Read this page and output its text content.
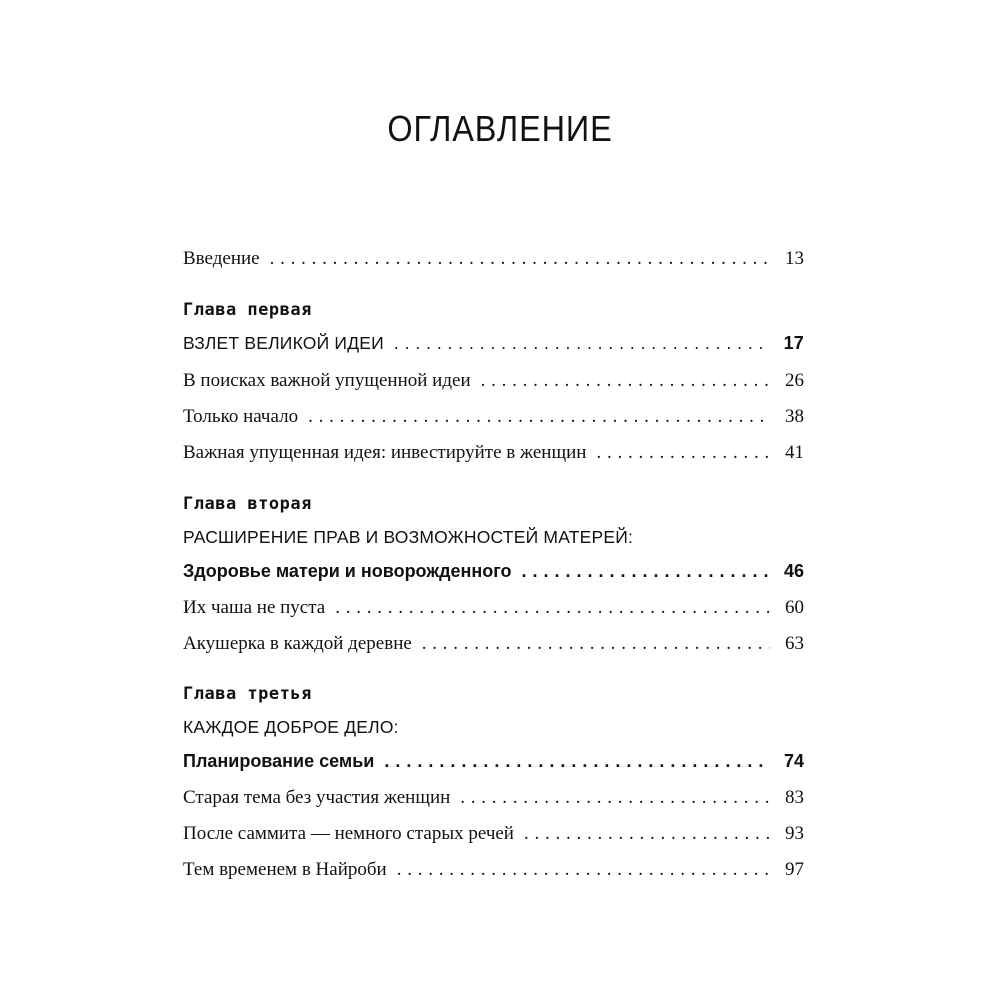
ОГЛАВЛЕНИЕ
Введение . . .	13
Глава первая
ВЗЛЕТ ВЕЛИКОЙ ИДЕИ . . .	17
В поисках важной упущенной идеи . . .	26
Только начало . . .	38
Важная упущенная идея: инвестируйте в женщин . . .	41
Глава вторая
РАСШИРЕНИЕ ПРАВ И ВОЗМОЖНОСТЕЙ МАТЕРЕЙ:
Здоровье матери и новорожденного . . .	46
Их чаша не пуста . . .	60
Акушерка в каждой деревне . . .	63
Глава третья
КАЖДОЕ ДОБРОЕ ДЕЛО:
Планирование семьи . . .	74
Старая тема без участия женщин . . .	83
После саммита — немного старых речей . . .	93
Тем временем в Найроби . . .	97
